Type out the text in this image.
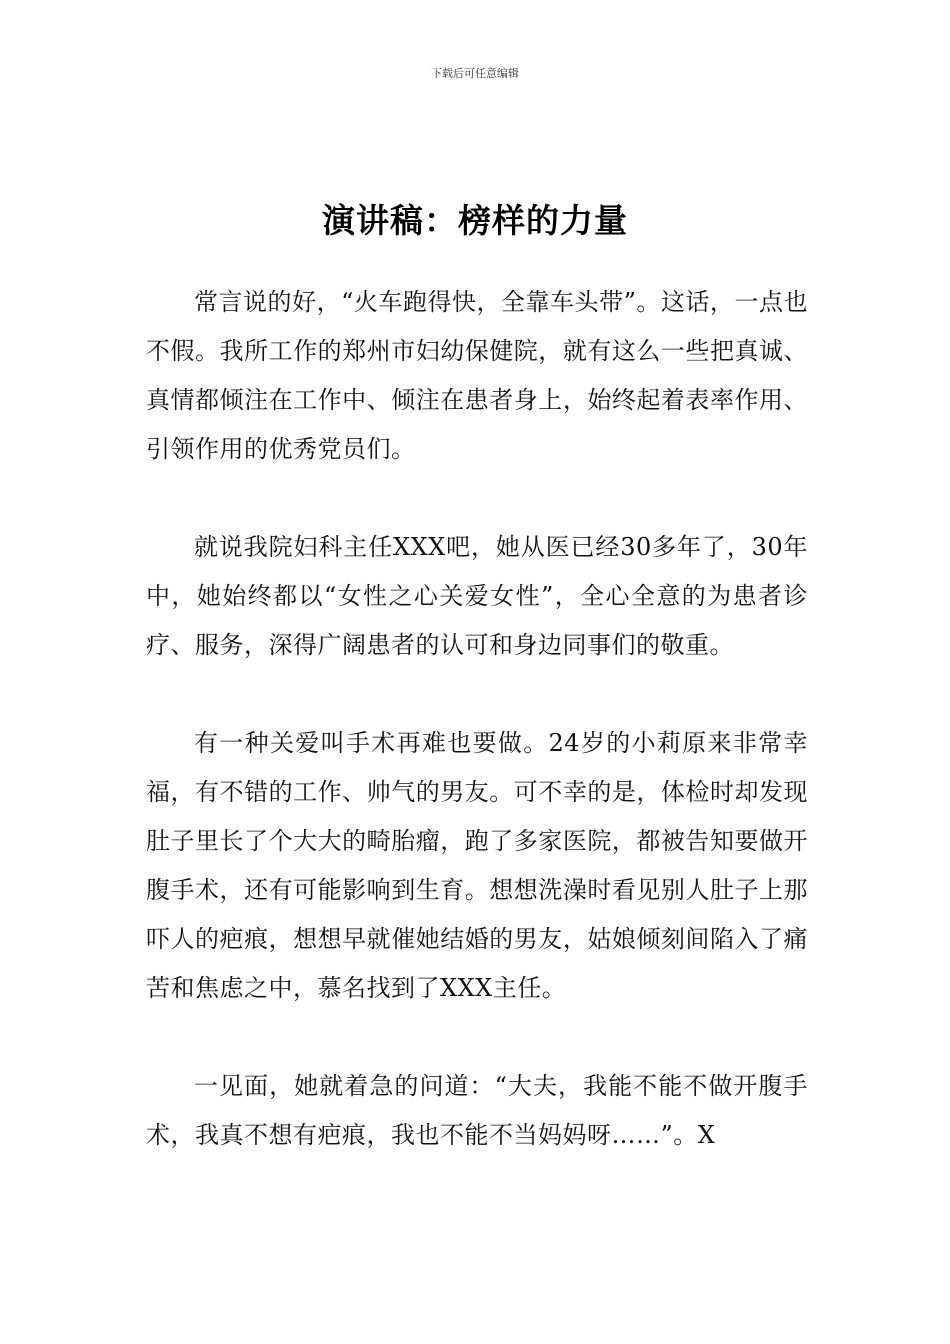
下载后可任意编辑
演讲稿：榜样的力量

常言说的好，“火车跑得快，全靠车头带”。这话，一点也不假。我所工作的郑州市妇幼保健院，就有这么一些把真诚、真情都倾注在工作中、倾注在患者身上，始终起着表率作用、引领作用的优秀党员们。

就说我院妇科主任XXX吧，她从医已经30多年了，30年中，她始终都以“女性之心关爱女性”，全心全意的为患者诊疗、服务，深得广阔患者的认可和身边同事们的敬重。

有一种关爱叫手术再难也要做。24岁的小莉原来非常幸福，有不错的工作、帅气的男友。可不幸的是，体检时却发现肚子里长了个大大的畸胎瘤，跑了多家医院，都被告知要做开腹手术，还有可能影响到生育。想想洗澡时看见别人肚子上那吓人的疤痕，想想早就催她结婚的男友，姑娘倾刻间陷入了痛苦和焦虑之中，慕名找到了XXX主任。

一见面，她就着急的问道：“大夫，我能不能不做开腹手术，我真不想有疤痕，我也不能不当妈妈呀……”。X
